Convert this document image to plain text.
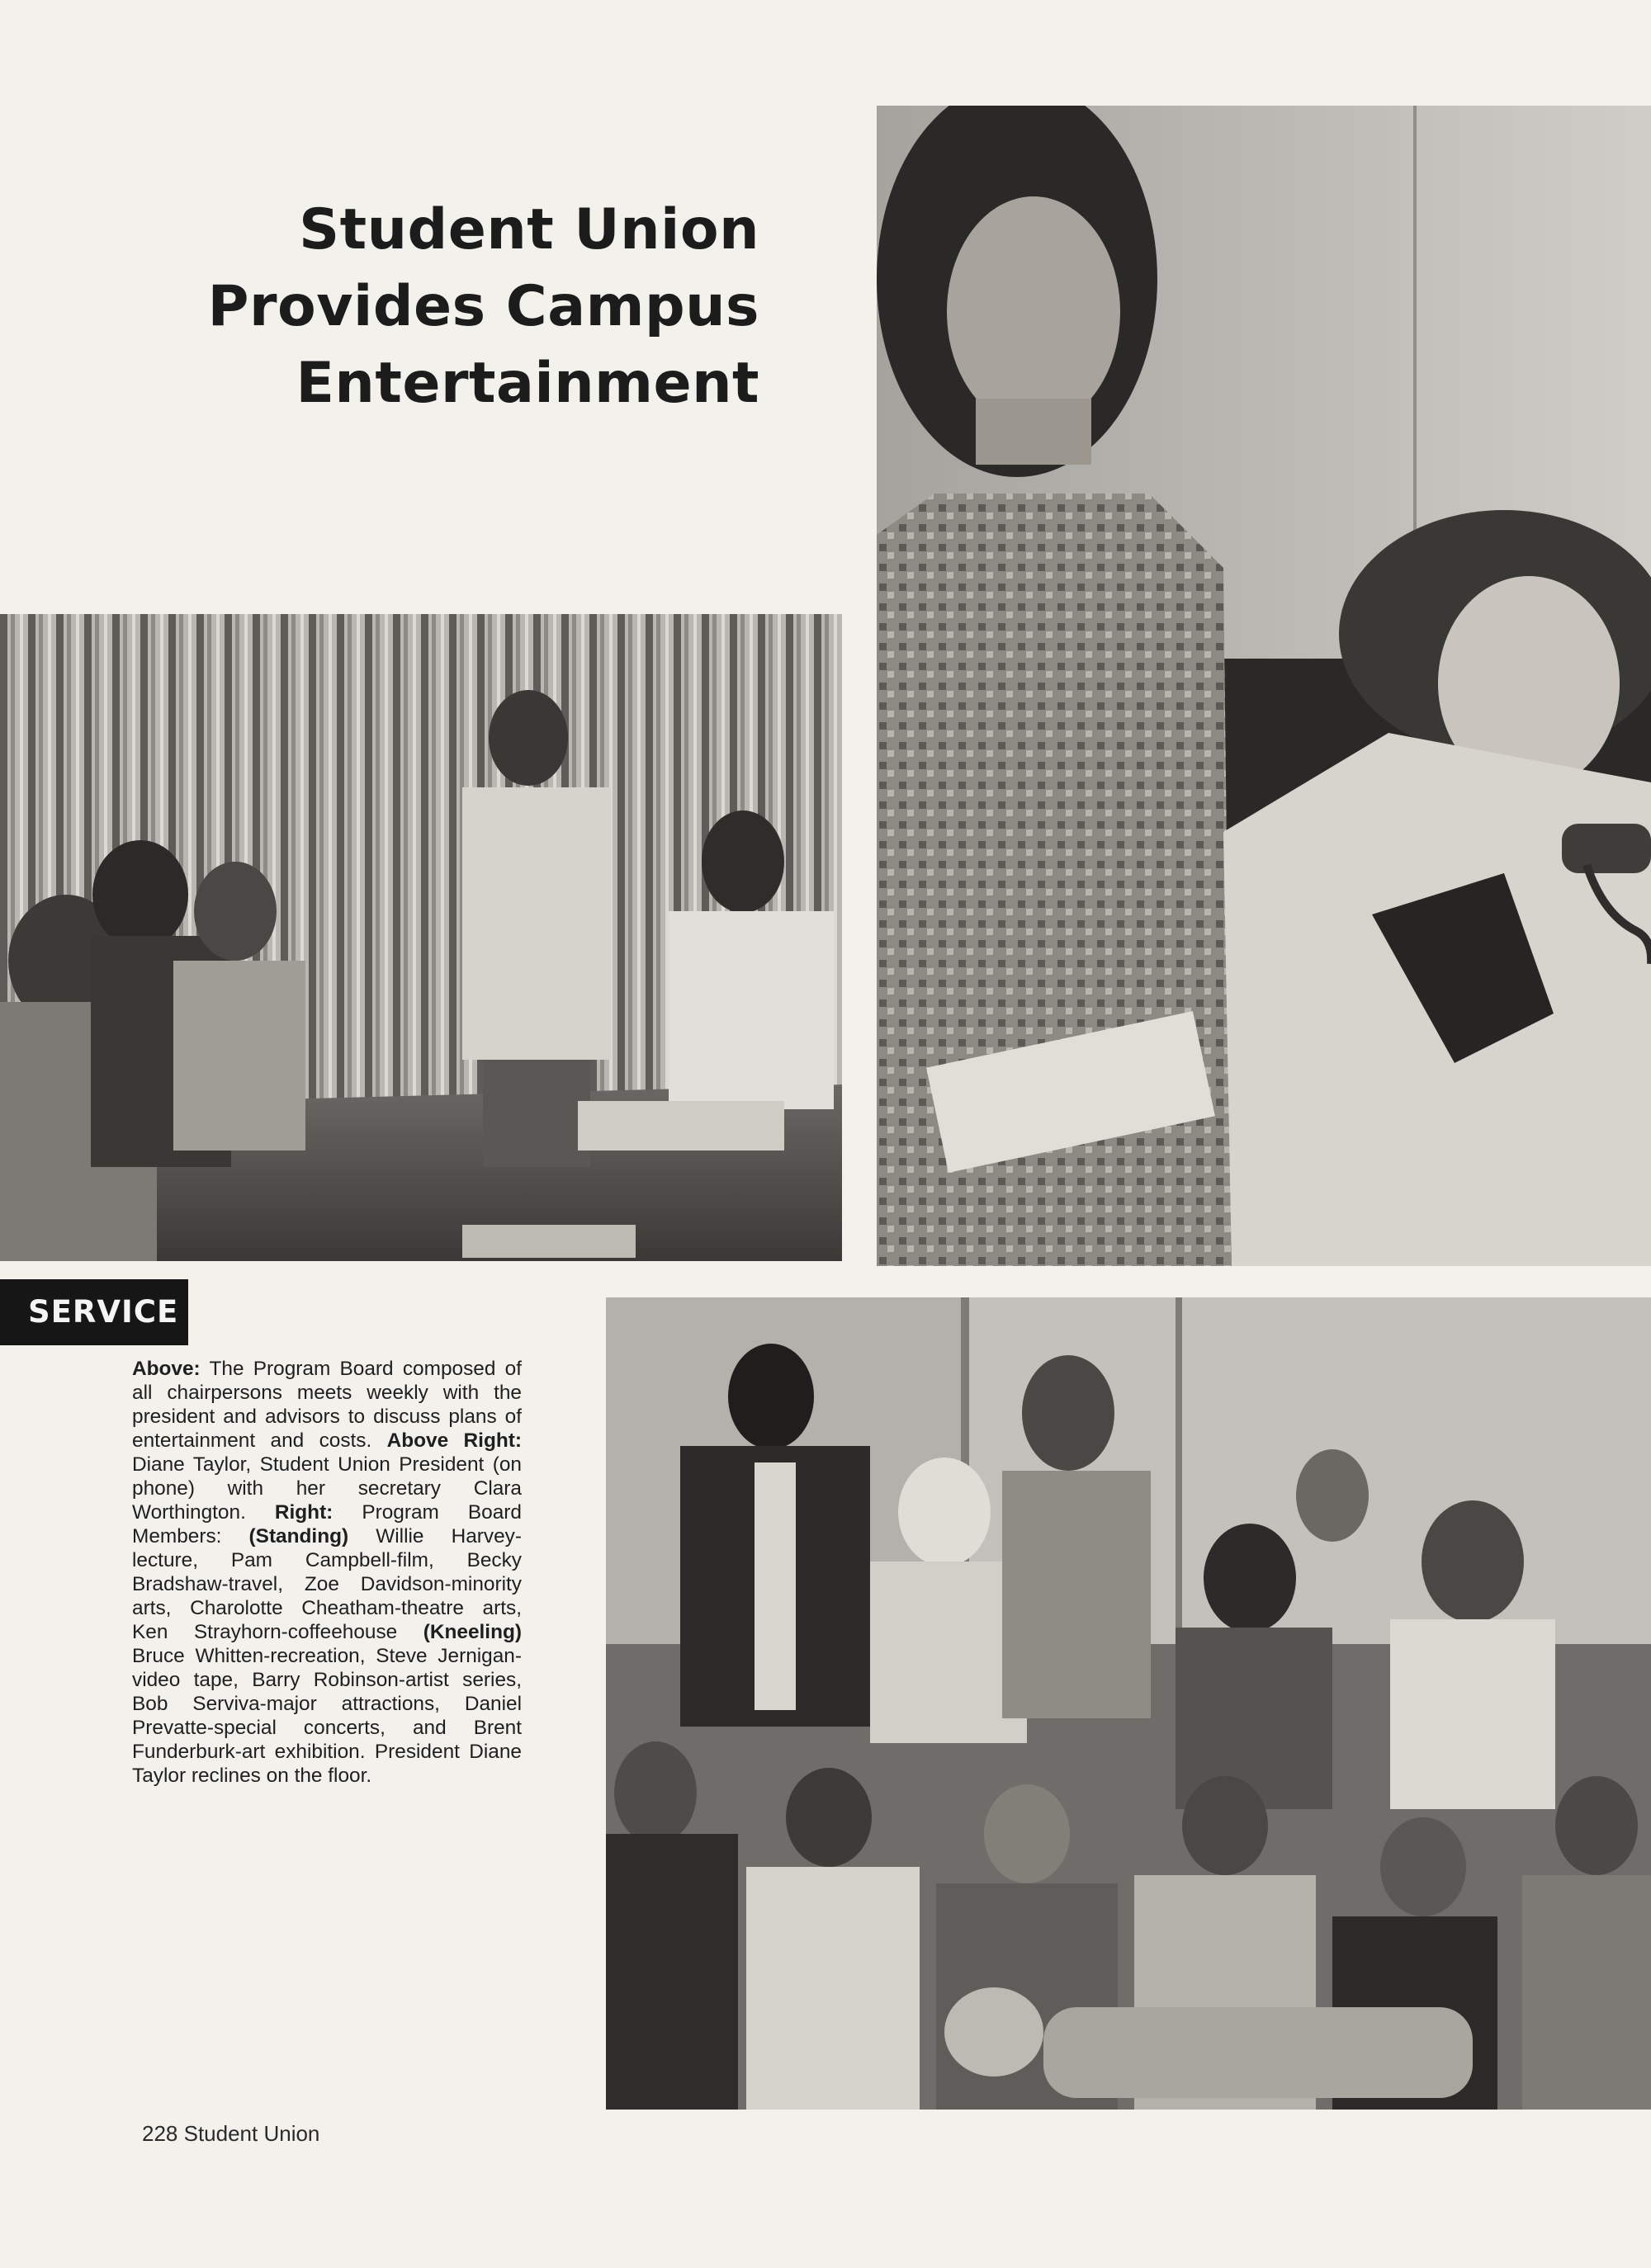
Student Union
Provides Campus
Entertainment
SERVICE

Above: The Program Board composed of all chairpersons meets weekly with the president and advisors to discuss plans of entertainment and costs. Above Right: Diane Taylor, Student Union President (on phone) with her secretary Clara Worthington. Right: Program Board Members: (Standing) Willie Harvey-lecture, Pam Campbell-film, Becky Bradshaw-travel, Zoe Davidson-minority arts, Charolotte Cheatham-theatre arts, Ken Strayhorn-coffeehouse (Kneeling) Bruce Whitten-recreation, Steve Jernigan-video tape, Barry Robinson-artist series, Bob Serviva-major attractions, Daniel Prevatte-special concerts, and Brent Funderburk-art exhibition. President Diane Taylor reclines on the floor.

228 Student Union
